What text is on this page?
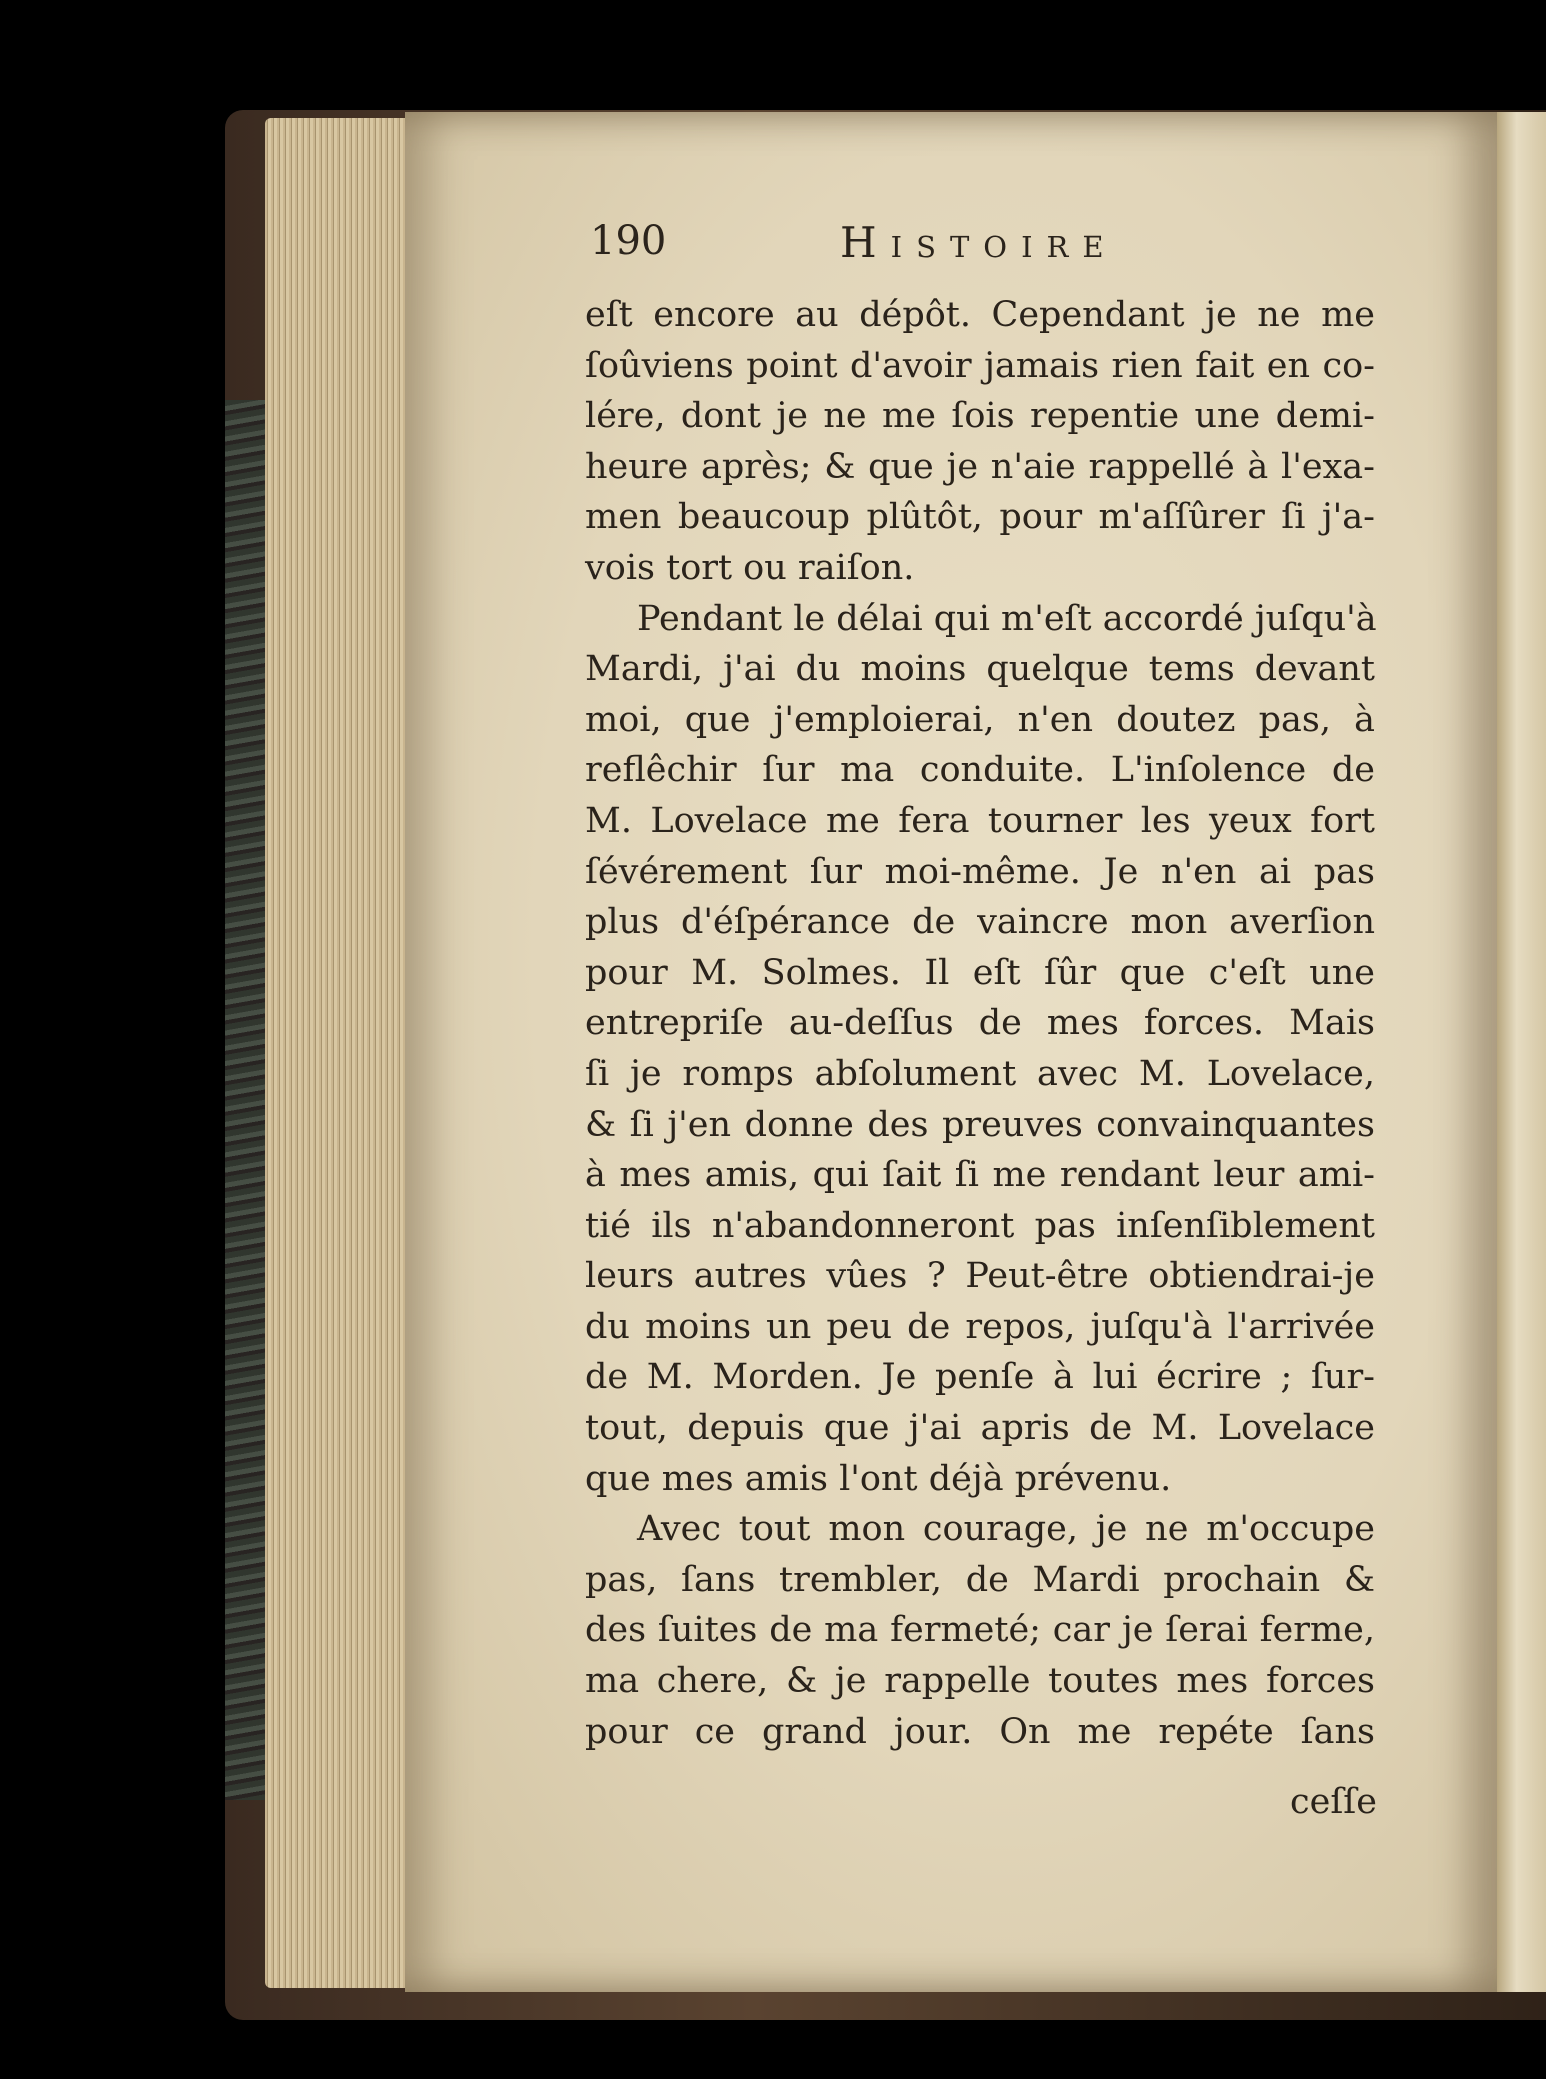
190	Histoire
eſt encore au dépôt. Cependant je ne me
ſoûviens point d'avoir jamais rien fait en co-
lére, dont je ne me ſois repentie une demi-
heure après; & que je n'aie rappellé à l'exa-
men beaucoup plûtôt, pour m'aſſûrer ſi j'a-
vois tort ou raiſon.
Pendant le délai qui m'eſt accordé juſqu'à
Mardi, j'ai du moins quelque tems devant
moi, que j'emploierai, n'en doutez pas, à
reflêchir ſur ma conduite. L'inſolence de
M. Lovelace me fera tourner les yeux fort
ſévérement ſur moi-même. Je n'en ai pas
plus d'éſpérance de vaincre mon averſion
pour M. Solmes. Il eſt ſûr que c'eſt une
entrepriſe au-deſſus de mes forces. Mais
ſi je romps abſolument avec M. Lovelace,
& ſi j'en donne des preuves convainquantes
à mes amis, qui ſait ſi me rendant leur ami-
tié ils n'abandonneront pas inſenſiblement
leurs autres vûes ? Peut-être obtiendrai-je
du moins un peu de repos, juſqu'à l'arrivée
de M. Morden. Je penſe à lui écrire ; ſur-
tout, depuis que j'ai apris de M. Lovelace
que mes amis l'ont déjà prévenu.
Avec tout mon courage, je ne m'occupe
pas, ſans trembler, de Mardi prochain &
des ſuites de ma fermeté; car je ſerai ferme,
ma chere, & je rappelle toutes mes forces
pour ce grand jour. On me repéte ſans
ceſſe
